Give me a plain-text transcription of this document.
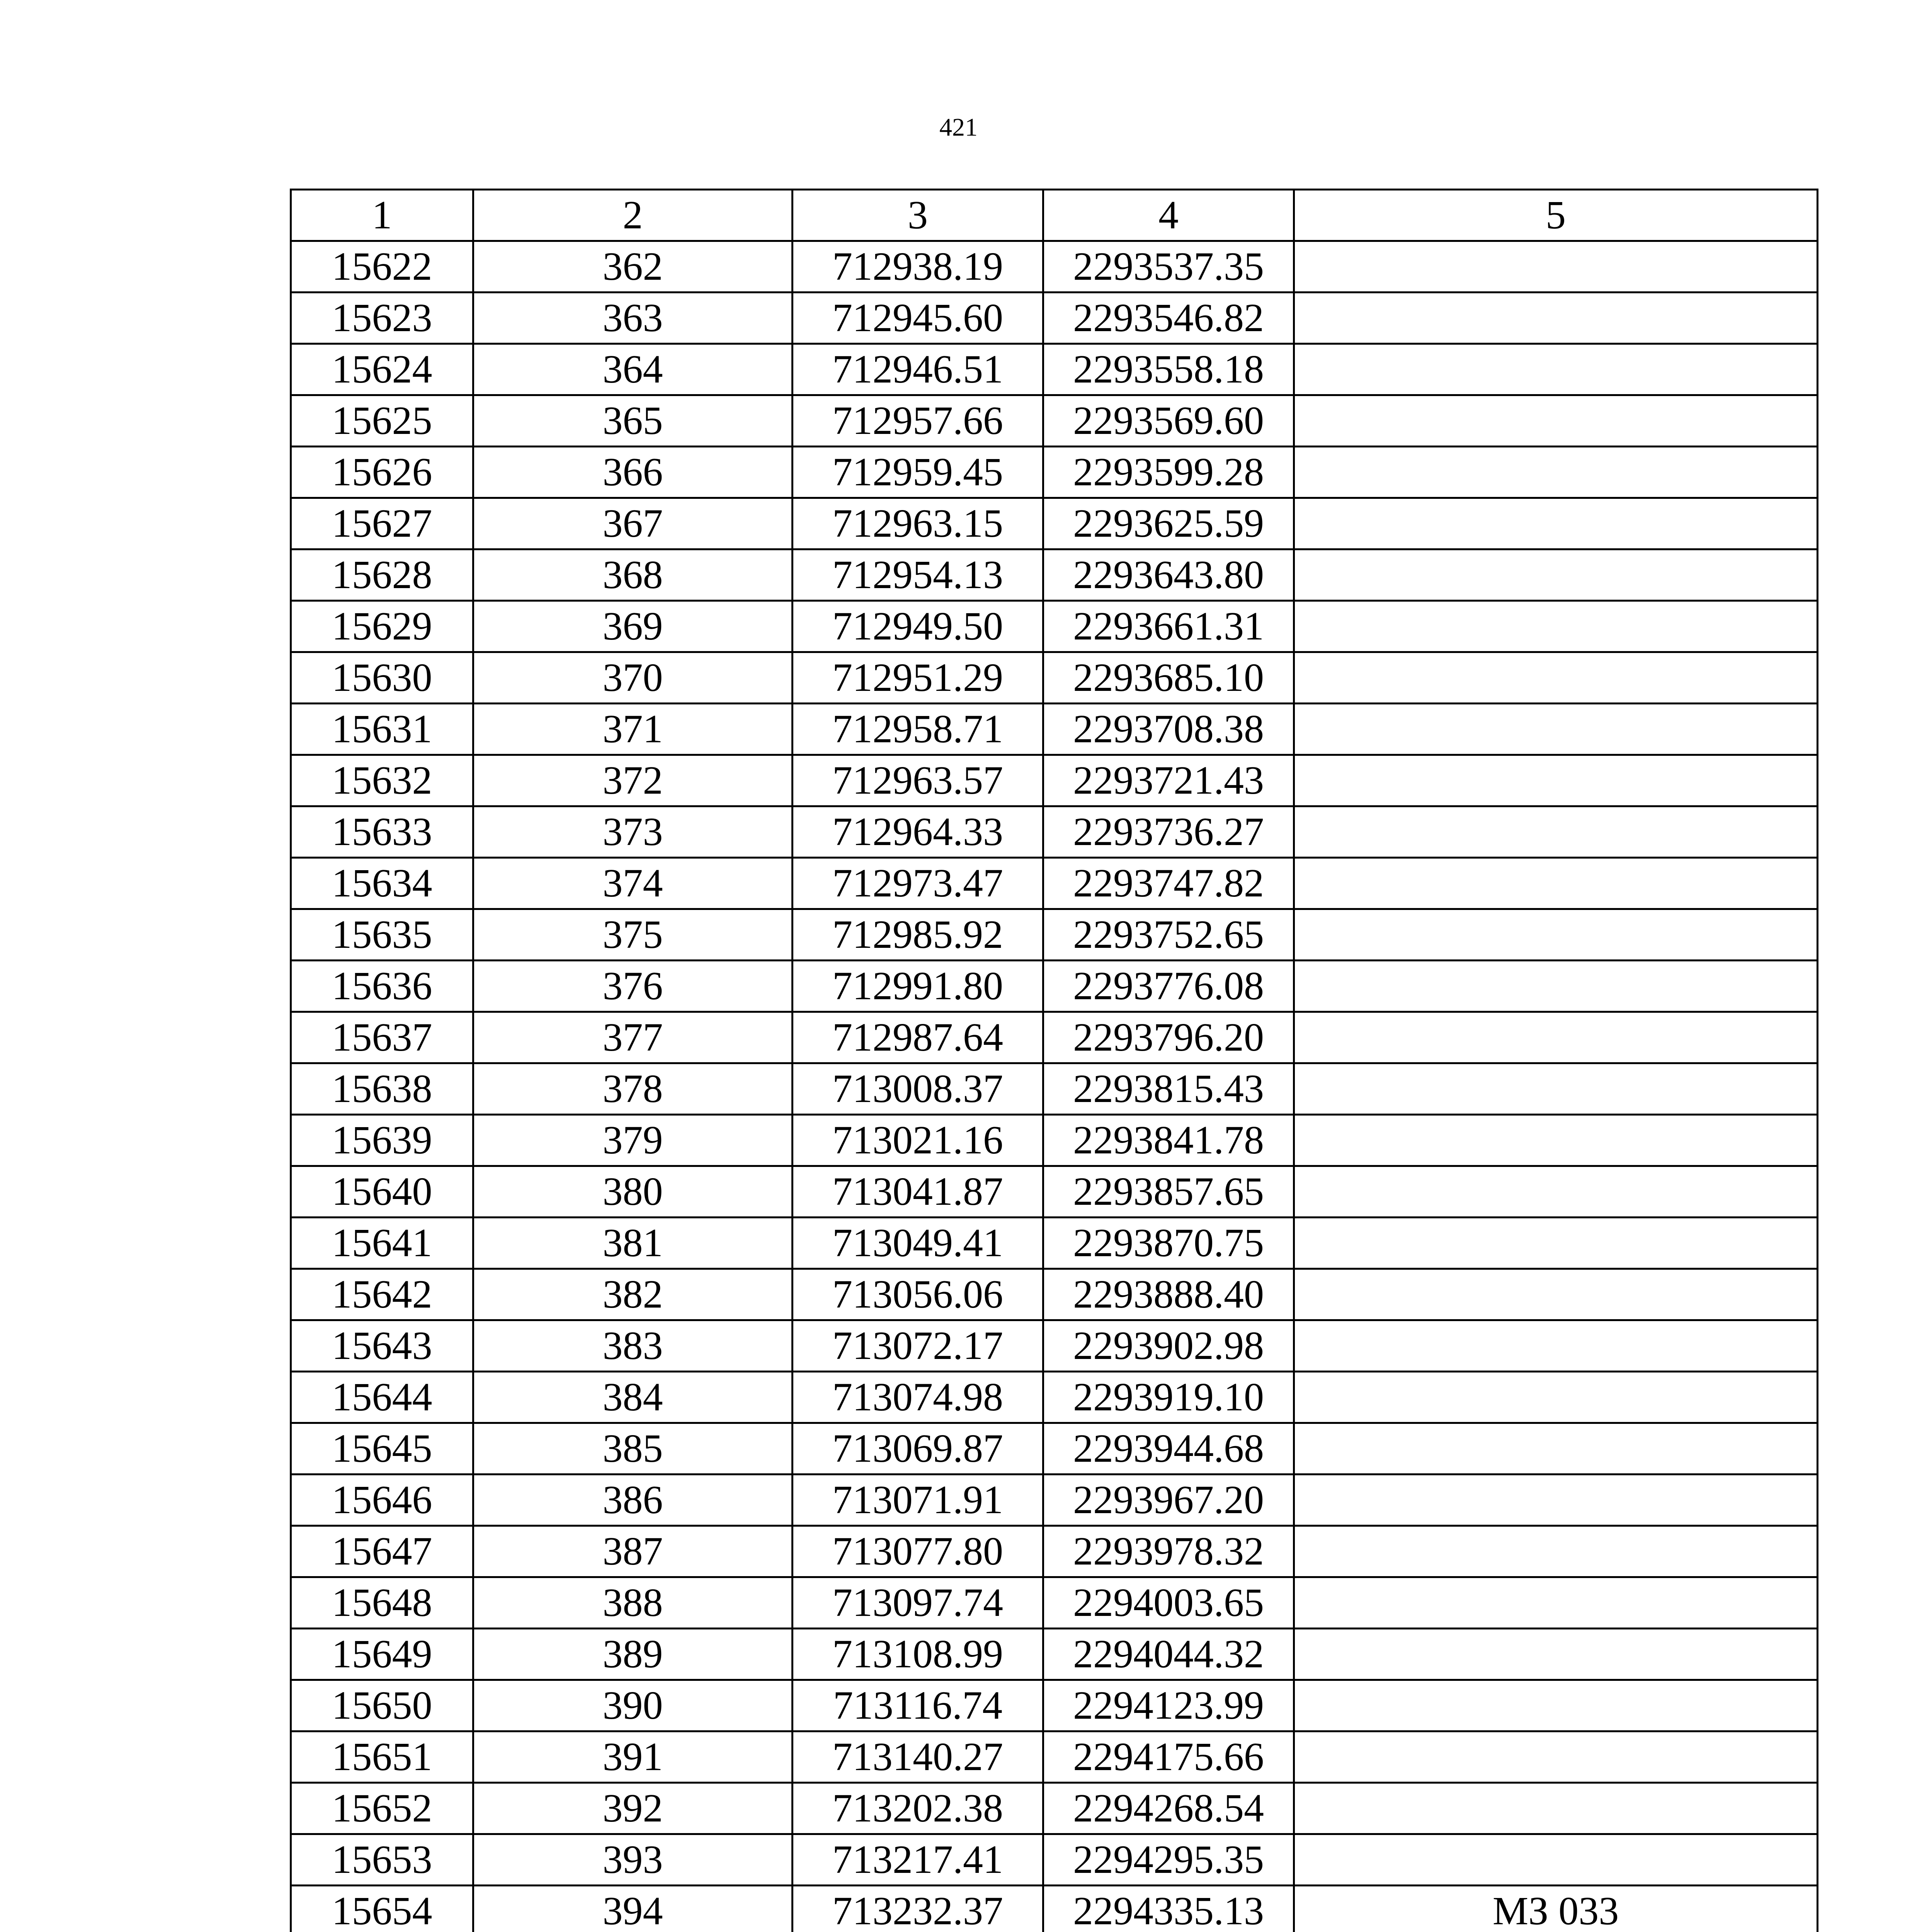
421
1	2	3	4	5
15622	362	712938.19	2293537.35	
15623	363	712945.60	2293546.82	
15624	364	712946.51	2293558.18	
15625	365	712957.66	2293569.60	
15626	366	712959.45	2293599.28	
15627	367	712963.15	2293625.59	
15628	368	712954.13	2293643.80	
15629	369	712949.50	2293661.31	
15630	370	712951.29	2293685.10	
15631	371	712958.71	2293708.38	
15632	372	712963.57	2293721.43	
15633	373	712964.33	2293736.27	
15634	374	712973.47	2293747.82	
15635	375	712985.92	2293752.65	
15636	376	712991.80	2293776.08	
15637	377	712987.64	2293796.20	
15638	378	713008.37	2293815.43	
15639	379	713021.16	2293841.78	
15640	380	713041.87	2293857.65	
15641	381	713049.41	2293870.75	
15642	382	713056.06	2293888.40	
15643	383	713072.17	2293902.98	
15644	384	713074.98	2293919.10	
15645	385	713069.87	2293944.68	
15646	386	713071.91	2293967.20	
15647	387	713077.80	2293978.32	
15648	388	713097.74	2294003.65	
15649	389	713108.99	2294044.32	
15650	390	713116.74	2294123.99	
15651	391	713140.27	2294175.66	
15652	392	713202.38	2294268.54	
15653	393	713217.41	2294295.35	
15654	394	713232.37	2294335.13	МЗ 033
